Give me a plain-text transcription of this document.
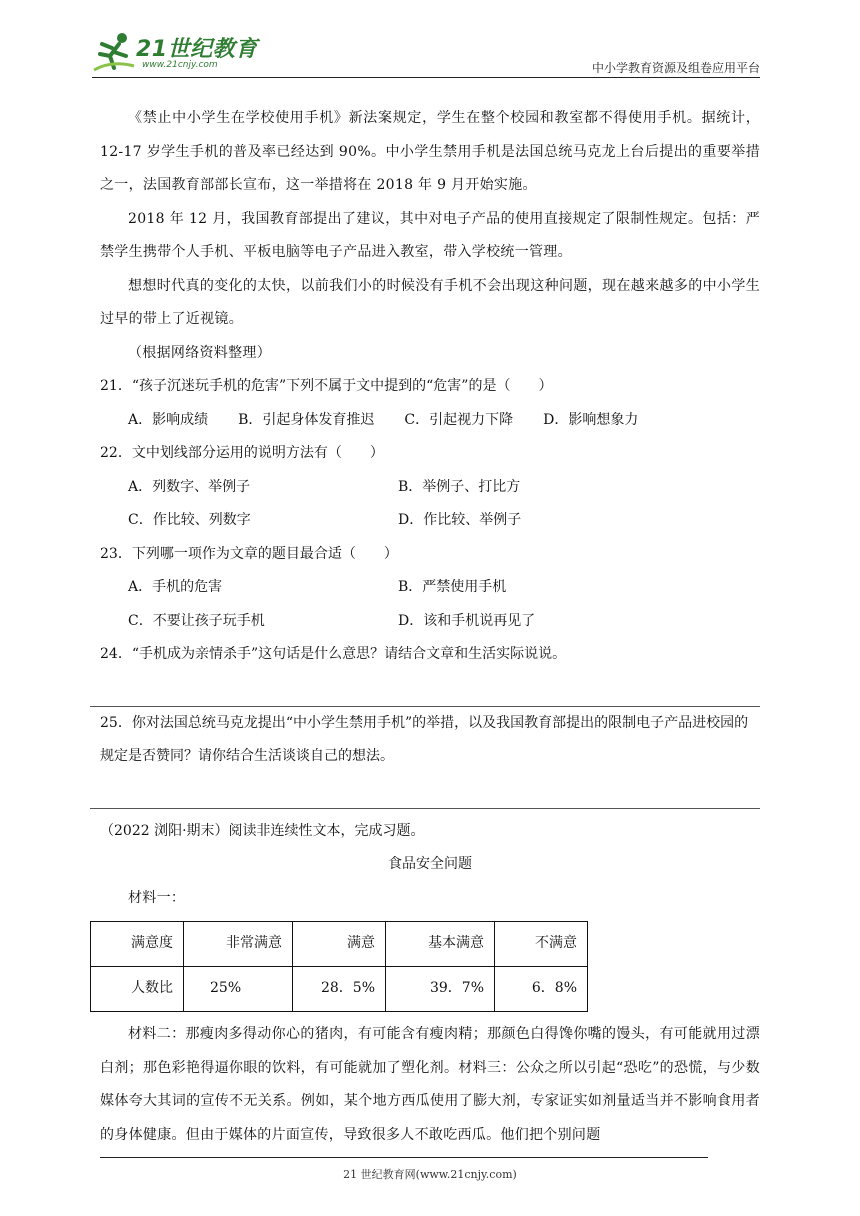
21世纪教育
www.21cnjy.com	中小学教育资源及组卷应用平台

《禁止中小学生在学校使用手机》新法案规定，学生在整个校园和教室都不得使用手机。据统计，12-17 岁学生手机的普及率已经达到 90%。中小学生禁用手机是法国总统马克龙上台后提出的重要举措之一，法国教育部部长宣布，这一举措将在 2018 年 9 月开始实施。

2018 年 12 月，我国教育部提出了建议，其中对电子产品的使用直接规定了限制性规定。包括：严禁学生携带个人手机、平板电脑等电子产品进入教室，带入学校统一管理。

想想时代真的变化的太快，以前我们小的时候没有手机不会出现这种问题，现在越来越多的中小学生过早的带上了近视镜。

（根据网络资料整理）

21．“孩子沉迷玩手机的危害”下列不属于文中提到的“危害”的是（　　）

A．影响成绩 B．引起身体发育推迟 C．引起视力下降 D．影响想象力

22．文中划线部分运用的说明方法有（　　）

A．列数字、举例子	B．举例子、打比方
C．作比较、列数字	D．作比较、举例子

23．下列哪一项作为文章的题目最合适（　　）

A．手机的危害	B．严禁使用手机
C．不要让孩子玩手机	D．该和手机说再见了

24．“手机成为亲情杀手”这句话是什么意思？请结合文章和生活实际说说。

25．你对法国总统马克龙提出“中小学生禁用手机”的举措，以及我国教育部提出的限制电子产品进校园的规定是否赞同？请你结合生活谈谈自己的想法。

（2022 浏阳·期末）阅读非连续性文本，完成习题。

食品安全问题

材料一：

满意度	非常满意	满意	基本满意	不满意
人数比	25%	28．5%	39．7%	6．8%

材料二：那瘦肉多得动你心的猪肉，有可能含有瘦肉精；那颜色白得馋你嘴的馒头，有可能就用过漂白剂；那色彩艳得逼你眼的饮料，有可能就加了塑化剂。材料三：公众之所以引起“恐吃”的恐慌，与少数媒体夸大其词的宣传不无关系。例如，某个地方西瓜使用了膨大剂，专家证实如剂量适当并不影响食用者的身体健康。但由于媒体的片面宣传，导致很多人不敢吃西瓜。他们把个别问题

21 世纪教育网(www.21cnjy.com)
